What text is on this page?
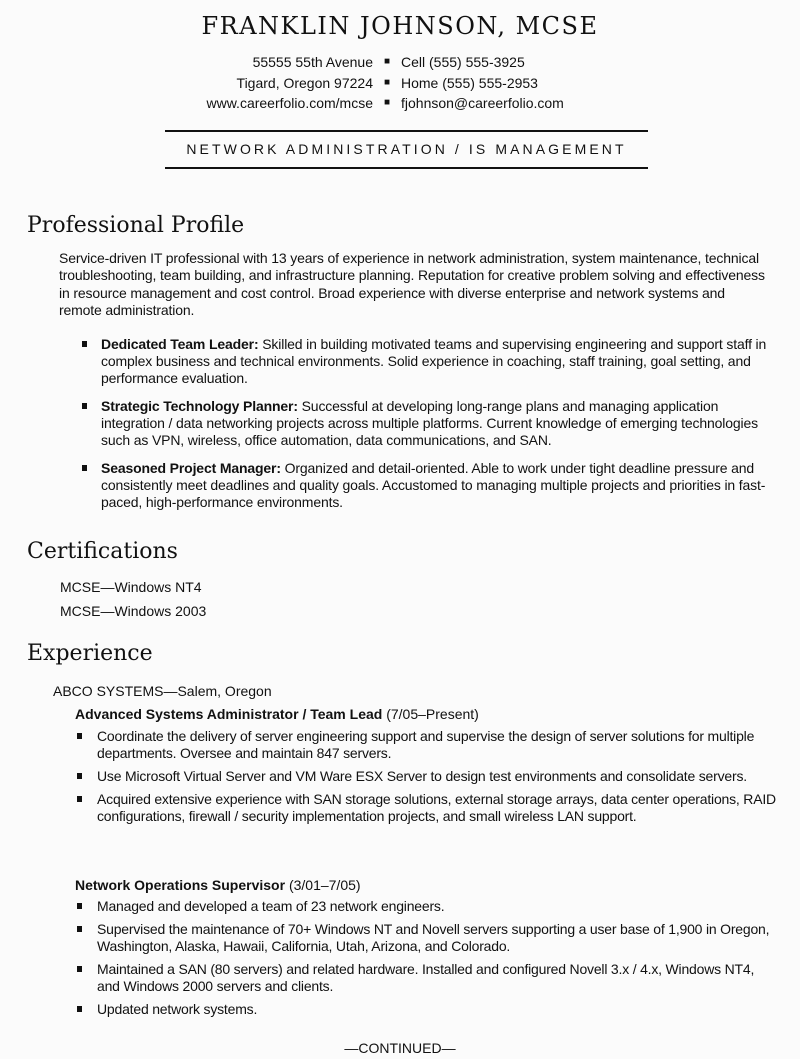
FRANKLIN JOHNSON, MCSE
55555 55th Avenue	■ Cell (555) 555-3925
Tigard, Oregon 97224	■ Home (555) 555-2953
www.careerfolio.com/mcse	■ fjohnson@careerfolio.com
NETWORK ADMINISTRATION / IS MANAGEMENT
Professional Profile
Service-driven IT professional with 13 years of experience in network administration, system maintenance, technical troubleshooting, team building, and infrastructure planning. Reputation for creative problem solving and effectiveness in resource management and cost control. Broad experience with diverse enterprise and network systems and remote administration.
Dedicated Team Leader: Skilled in building motivated teams and supervising engineering and support staff in complex business and technical environments. Solid experience in coaching, staff training, goal setting, and performance evaluation.
Strategic Technology Planner: Successful at developing long-range plans and managing application integration / data networking projects across multiple platforms. Current knowledge of emerging technologies such as VPN, wireless, office automation, data communications, and SAN.
Seasoned Project Manager: Organized and detail-oriented. Able to work under tight deadline pressure and consistently meet deadlines and quality goals. Accustomed to managing multiple projects and priorities in fast-paced, high-performance environments.
Certifications
MCSE—Windows NT4
MCSE—Windows 2003
Experience
ABCO SYSTEMS—Salem, Oregon
Advanced Systems Administrator / Team Lead (7/05–Present)
Coordinate the delivery of server engineering support and supervise the design of server solutions for multiple departments. Oversee and maintain 847 servers.
Use Microsoft Virtual Server and VM Ware ESX Server to design test environments and consolidate servers.
Acquired extensive experience with SAN storage solutions, external storage arrays, data center operations, RAID configurations, firewall / security implementation projects, and small wireless LAN support.
Network Operations Supervisor (3/01–7/05)
Managed and developed a team of 23 network engineers.
Supervised the maintenance of 70+ Windows NT and Novell servers supporting a user base of 1,900 in Oregon, Washington, Alaska, Hawaii, California, Utah, Arizona, and Colorado.
Maintained a SAN (80 servers) and related hardware. Installed and configured Novell 3.x / 4.x, Windows NT4, and Windows 2000 servers and clients.
Updated network systems.
—CONTINUED—
